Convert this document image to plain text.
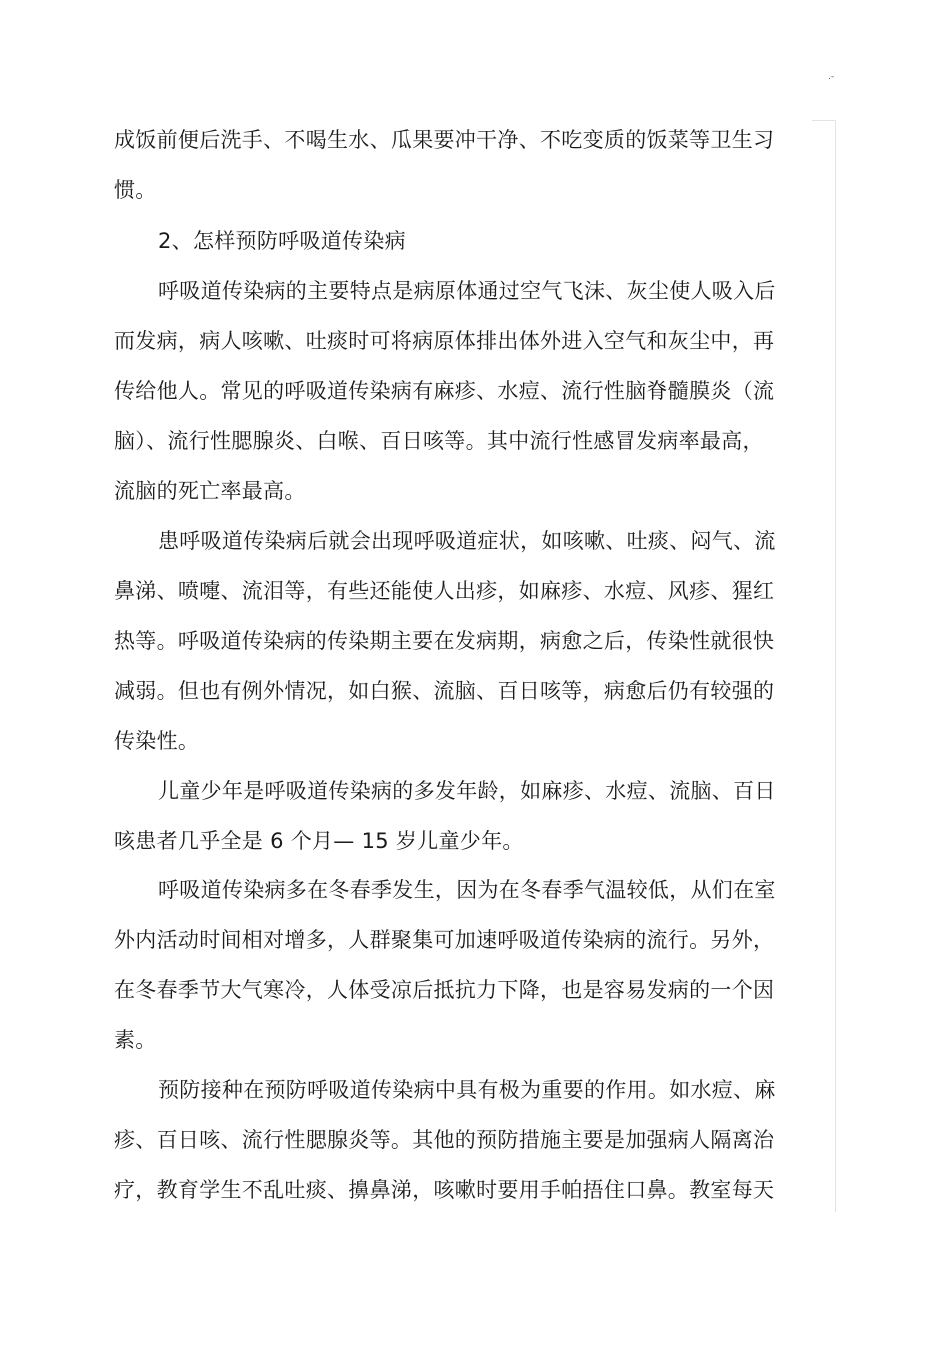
.-
成饭前便后洗手、不喝生水、瓜果要冲干净、不吃变质的饭菜等卫生习
惯。
2、怎样预防呼吸道传染病
呼吸道传染病的主要特点是病原体通过空气飞沫、灰尘使人吸入后
而发病，病人咳嗽、吐痰时可将病原体排出体外进入空气和灰尘中，再
传给他人。常见的呼吸道传染病有麻疹、水痘、流行性脑脊髓膜炎（流
脑）、流行性腮腺炎、白喉、百日咳等。其中流行性感冒发病率最高，
流脑的死亡率最高。
患呼吸道传染病后就会出现呼吸道症状，如咳嗽、吐痰、闷气、流
鼻涕、喷嚏、流泪等，有些还能使人出疹，如麻疹、水痘、风疹、猩红
热等。呼吸道传染病的传染期主要在发病期，病愈之后，传染性就很快
减弱。但也有例外情况，如白猴、流脑、百日咳等，病愈后仍有较强的
传染性。
儿童少年是呼吸道传染病的多发年龄，如麻疹、水痘、流脑、百日
咳患者几乎全是 6 个月— 15 岁儿童少年。
呼吸道传染病多在冬春季发生，因为在冬春季气温较低，从们在室
外内活动时间相对增多，人群聚集可加速呼吸道传染病的流行。另外，
在冬春季节大气寒冷，人体受凉后抵抗力下降，也是容易发病的一个因
素。
预防接种在预防呼吸道传染病中具有极为重要的作用。如水痘、麻
疹、百日咳、流行性腮腺炎等。其他的预防措施主要是加强病人隔离治
疗，教育学生不乱吐痰、擤鼻涕，咳嗽时要用手帕捂住口鼻。教室每天
